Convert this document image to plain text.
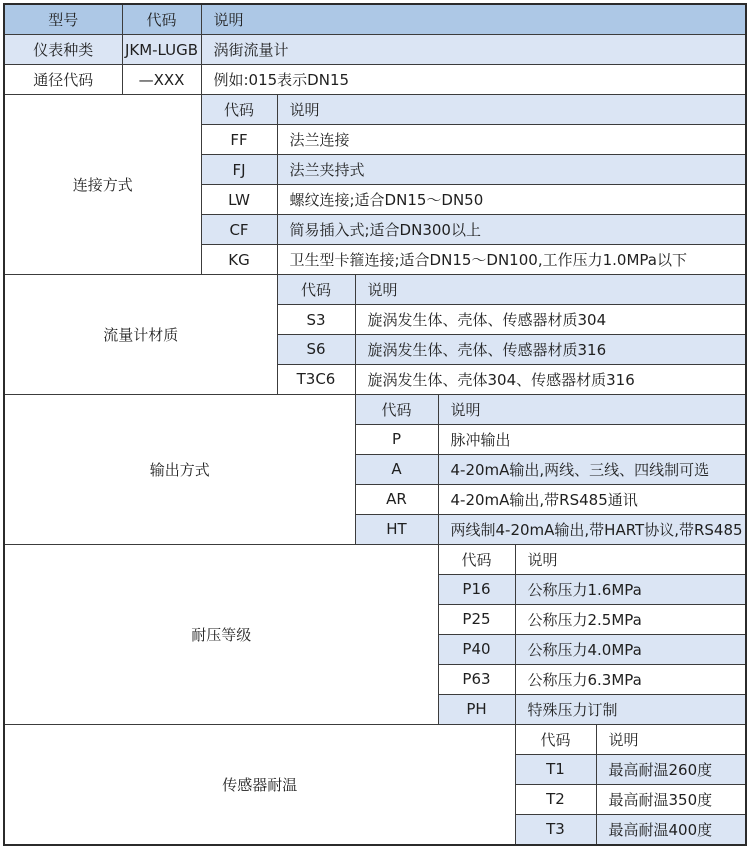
型号	代码	说明					
仪表种类	JKM-LUGB	涡街流量计					
通径代码	—XXX	例如:015表示DN15					
连接方式		代码	说明				
		FF	法兰连接				
		FJ	法兰夹持式				
		LW	螺纹连接;适合DN15～DN50				
		CF	简易插入式;适合DN300以上				
		KG	卫生型卡箍连接;适合DN15～DN100,工作压力1.0MPa以下				
流量计材质			代码	说明			
			S3	旋涡发生体、壳体、传感器材质304			
			S6	旋涡发生体、壳体、传感器材质316			
			T3C6	旋涡发生体、壳体304、传感器材质316			
输出方式				代码	说明		
				P	脉冲输出		
				A	4-20mA输出,两线、三线、四线制可选		
				AR	4-20mA输出,带RS485通讯		
				HT	两线制4-20mA输出,带HART协议,带RS485		
耐压等级					代码	说明	
					P16	公称压力1.6MPa	
					P25	公称压力2.5MPa	
					P40	公称压力4.0MPa	
					P63	公称压力6.3MPa	
					PH	特殊压力订制	
传感器耐温						代码	说明
						T1	最高耐温260度
						T2	最高耐温350度
						T3	最高耐温400度
